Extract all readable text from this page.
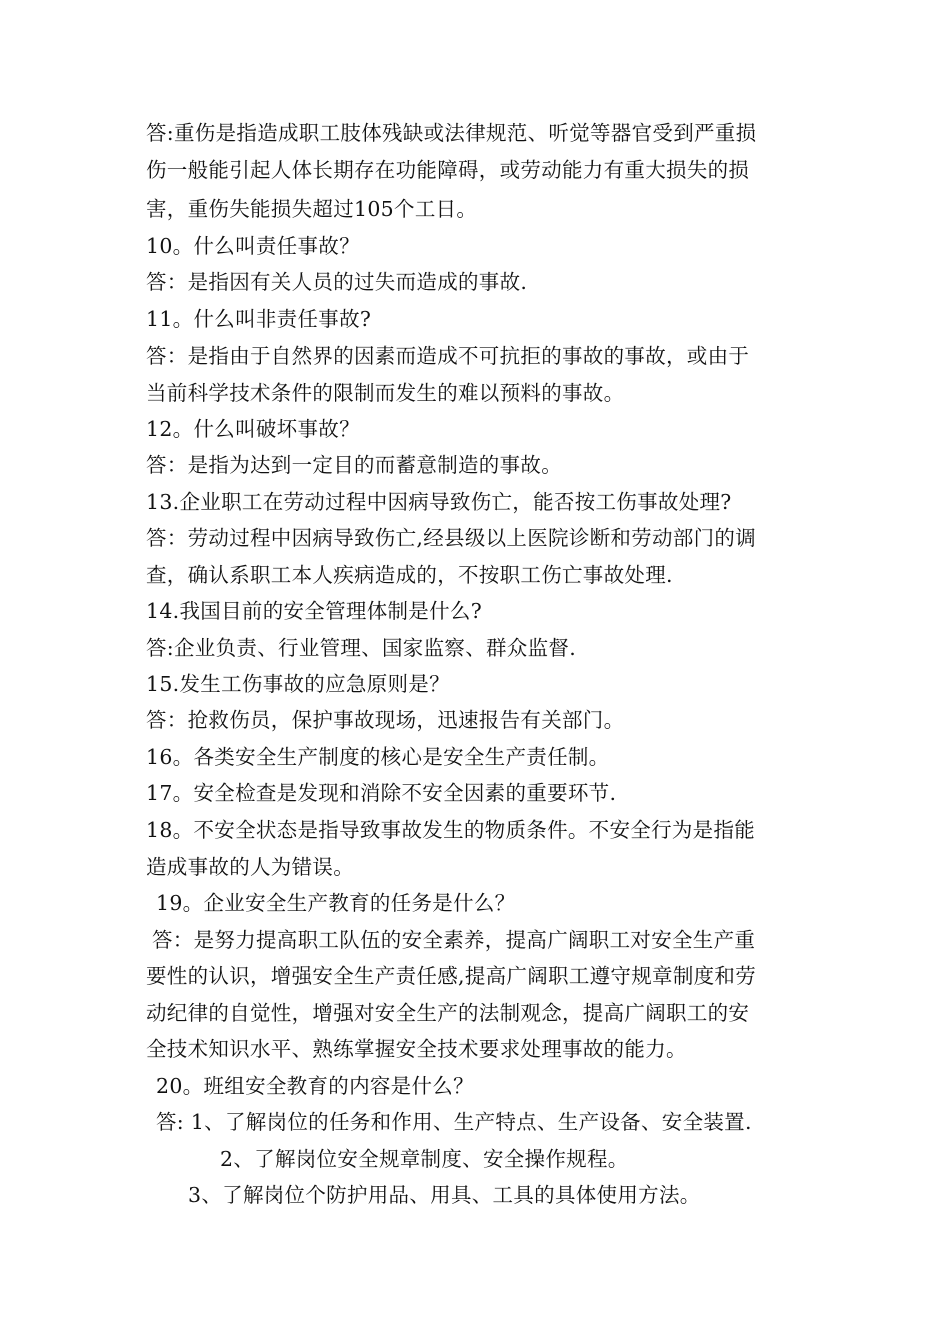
答:重伤是指造成职工肢体残缺或法律规范、听觉等器官受到严重损
伤一般能引起人体长期存在功能障碍，或劳动能力有重大损失的损
害，重伤失能损失超过105个工日。
10。什么叫责任事故？
答：是指因有关人员的过失而造成的事故.
11。什么叫非责任事故?
答：是指由于自然界的因素而造成不可抗拒的事故的事故，或由于
当前科学技术条件的限制而发生的难以预料的事故。
12。什么叫破坏事故？
答：是指为达到一定目的而蓄意制造的事故。
13.企业职工在劳动过程中因病导致伤亡，能否按工伤事故处理?
答：劳动过程中因病导致伤亡,经县级以上医院诊断和劳动部门的调
查，确认系职工本人疾病造成的，不按职工伤亡事故处理.
14.我国目前的安全管理体制是什么?
答:企业负责、行业管理、国家监察、群众监督.
15.发生工伤事故的应急原则是？
答：抢救伤员，保护事故现场，迅速报告有关部门。
16。各类安全生产制度的核心是安全生产责任制。
17。安全检查是发现和消除不安全因素的重要环节.
18。不安全状态是指导致事故发生的物质条件。不安全行为是指能
造成事故的人为错误。
19。企业安全生产教育的任务是什么？
答：是努力提高职工队伍的安全素养，提高广阔职工对安全生产重
要性的认识，增强安全生产责任感,提高广阔职工遵守规章制度和劳
动纪律的自觉性，增强对安全生产的法制观念，提高广阔职工的安
全技术知识水平、熟练掌握安全技术要求处理事故的能力。
20。班组安全教育的内容是什么？
答: 1、了解岗位的任务和作用、生产特点、生产设备、安全装置.
2、了解岗位安全规章制度、安全操作规程。
3、了解岗位个防护用品、用具、工具的具体使用方法。
